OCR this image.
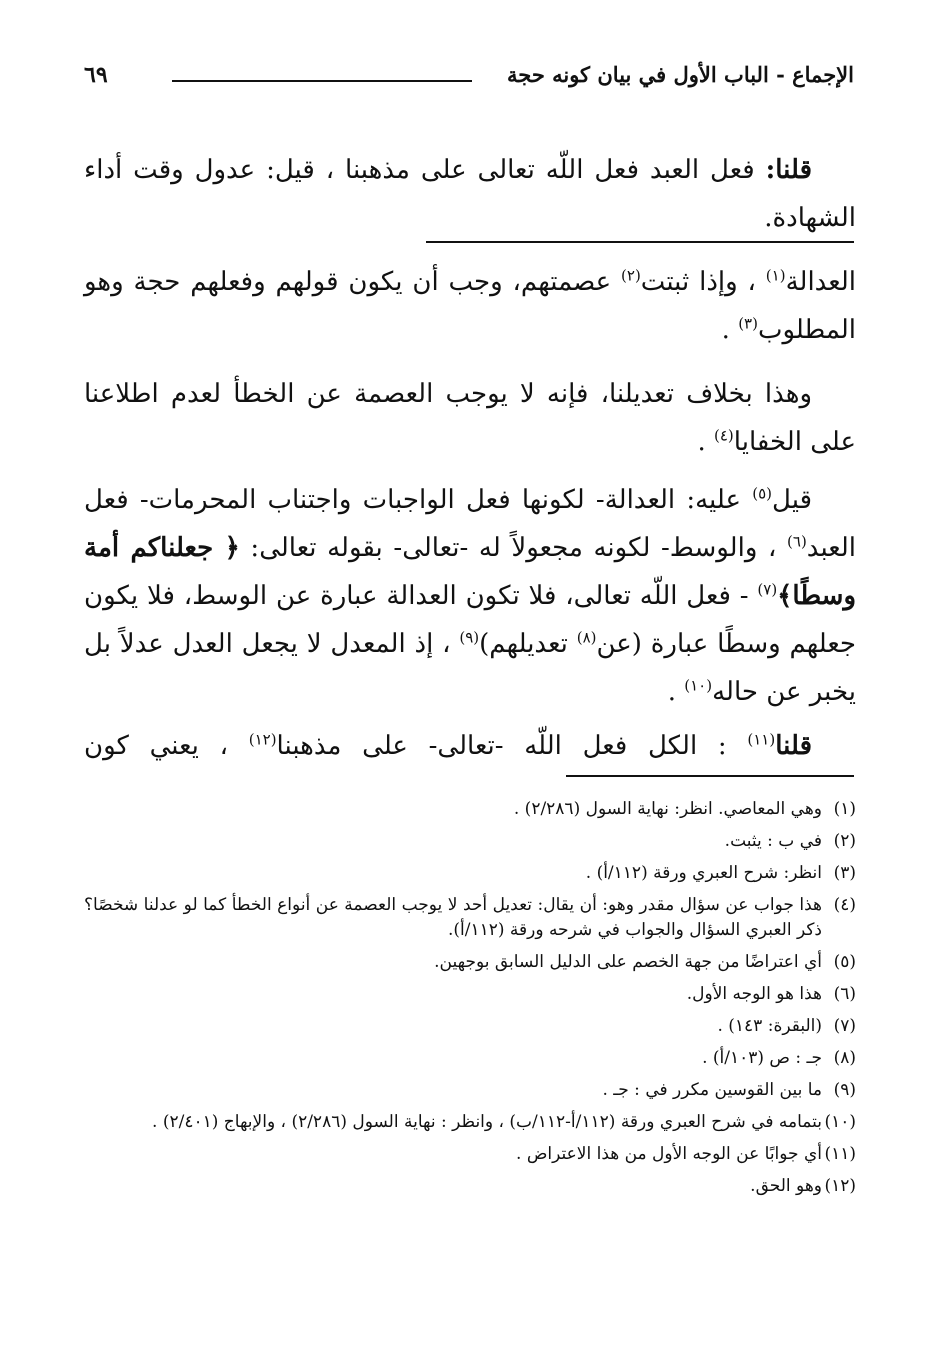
الإجماع - الباب الأول في بيان كونه حجة
٦٩

قلنا: فعل العبد فعل اللّه تعالى على مذهبنا ، قيل: عدول وقت أداء الشهادة.

العدالة$^{(١)}$ ، وإذا ثبتت$^{(٢)}$ عصمتهم، وجب أن يكون قولهم وفعلهم حجة وهو المطلوب$^{(٣)}$ .

وهذا بخلاف تعديلنا، فإنه لا يوجب العصمة عن الخطأ لعدم اطلاعنا على الخفايا$^{(٤)}$ .

قيل$^{(٥)}$ عليه: العدالة- لكونها فعل الواجبات واجتناب المحرمات- فعل العبد$^{(٦)}$ ، والوسط- لكونه مجعولاً له -تعالى- بقوله تعالى: ﴿ جعلناكم أمة وسطًا﴾$^{(٧)}$ - فعل اللّه تعالى، فلا تكون العدالة عبارة عن الوسط، فلا يكون جعلهم وسطًا عبارة (عن$^{(٨)}$ تعديلهم)$^{(٩)}$ ، إذ المعدل لا يجعل العدل عدلاً بل يخبر عن حاله$^{(١٠)}$ .

قلنا$^{(١١)}$ : الكل فعل اللّه -تعالى- على مذهبنا$^{(١٢)}$ ، يعني كون

(١)وهي المعاصي. انظر: نهاية السول (٢/٢٨٦) .

(٢)في ب : يثبت.

(٣)انظر: شرح العبري ورقة (١١٢/أ) .

(٤)هذا جواب عن سؤال مقدر وهو: أن يقال: تعديل أحد لا يوجب العصمة عن أنواع الخطأ كما لو عدلنا شخصًا؟ ذكر العبري السؤال والجواب في شرحه ورقة (١١٢/أ).

(٥)أي اعتراضًا من جهة الخصم على الدليل السابق بوجهين.

(٦)هذا هو الوجه الأول.

(٧)(البقرة: ١٤٣) .

(٨)جـ : ص (١٠٣/أ) .

(٩)ما بين القوسين مكرر في : جـ .

(١٠)بتمامه في شرح العبري ورقة (١١٢/أ-١١٢/ب) ، وانظر : نهاية السول (٢/٢٨٦) ، والإبهاج (٢/٤٠١) .

(١١)أي جوابًا عن الوجه الأول من هذا الاعتراض .

(١٢)وهو الحق.
